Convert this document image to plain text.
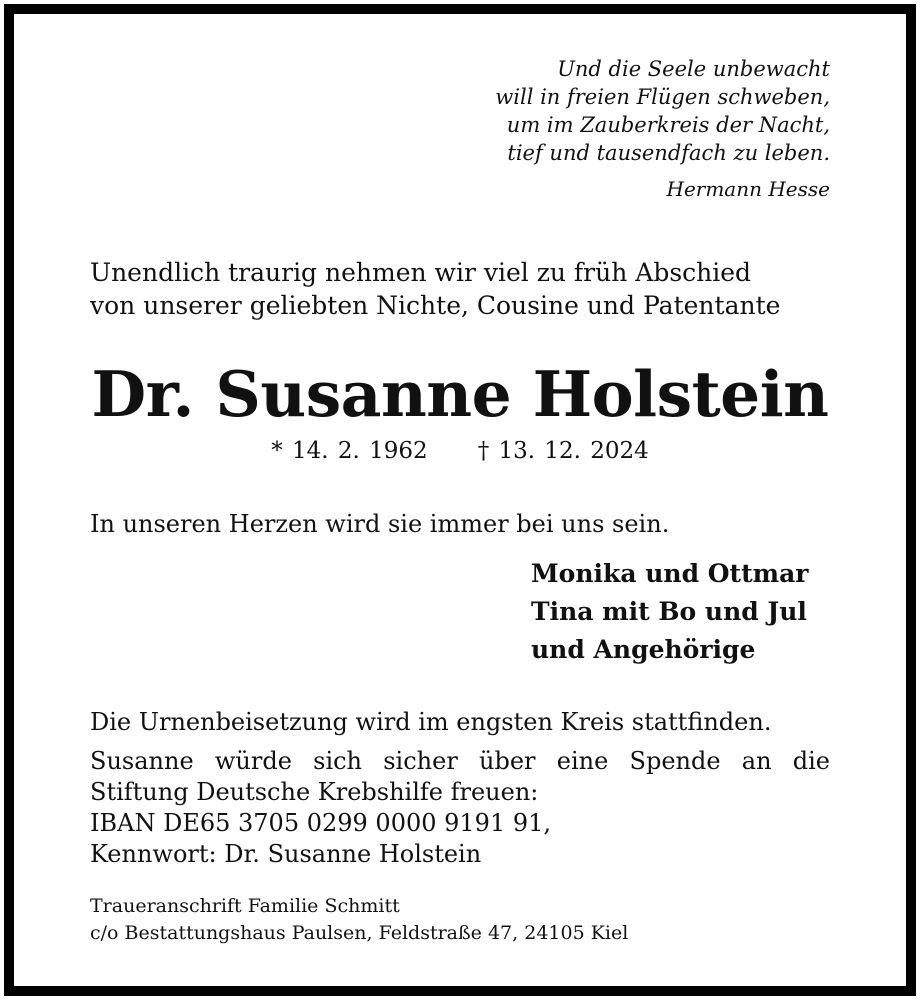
Und die Seele unbewacht
will in freien Flügen schweben,
um im Zauberkreis der Nacht,
tief und tausendfach zu leben.
Hermann Hesse
Unendlich traurig nehmen wir viel zu früh Abschied
von unserer geliebten Nichte, Cousine und Patentante
Dr. Susanne Holstein
* 14. 2. 1962 † 13. 12. 2024
In unseren Herzen wird sie immer bei uns sein.
Monika und Ottmar
Tina mit Bo und Jul
und Angehörige
Die Urnenbeisetzung wird im engsten Kreis stattfinden.
Susanne würde sich sicher über eine Spende an die
Stiftung Deutsche Krebshilfe freuen:
IBAN DE65 3705 0299 0000 9191 91,
Kennwort: Dr. Susanne Holstein
Traueranschrift Familie Schmitt
c/o Bestattungshaus Paulsen, Feldstraße 47, 24105 Kiel
